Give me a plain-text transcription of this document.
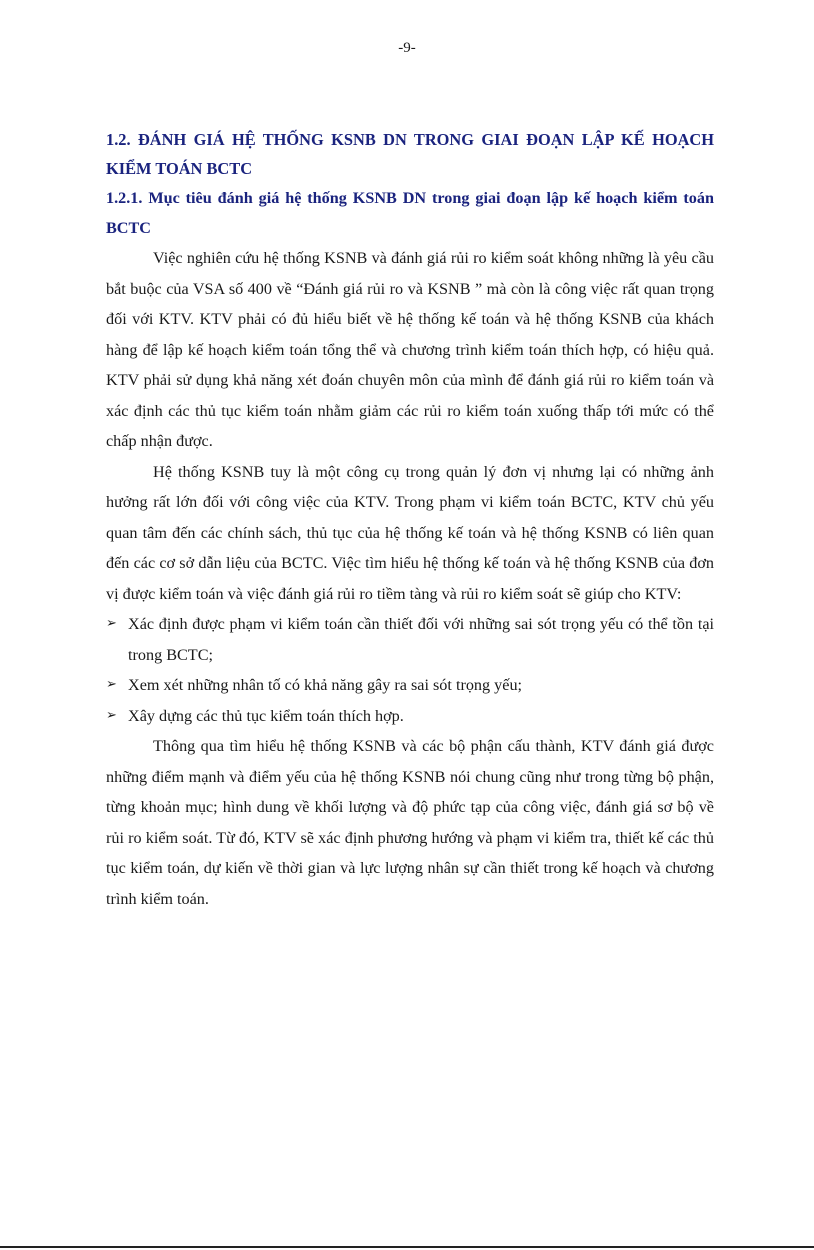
-9-

1.2. ĐÁNH GIÁ HỆ THỐNG KSNB DN TRONG GIAI ĐOẠN LẬP KẾ HOẠCH KIỂM TOÁN BCTC

1.2.1. Mục tiêu đánh giá hệ thống KSNB DN trong giai đoạn lập kế hoạch kiểm toán BCTC

Việc nghiên cứu hệ thống KSNB và đánh giá rủi ro kiểm soát không những là yêu cầu bắt buộc của VSA số 400 về “Đánh giá rủi ro và KSNB ” mà còn là công việc rất quan trọng đối với KTV. KTV phải có đủ hiểu biết về hệ thống kế toán và hệ thống KSNB của khách hàng để lập kế hoạch kiểm toán tổng thể và chương trình kiểm toán thích hợp, có hiệu quả. KTV phải sử dụng khả năng xét đoán chuyên môn của mình để đánh giá rủi ro kiểm toán và xác định các thủ tục kiểm toán nhằm giảm các rủi ro kiểm toán xuống thấp tới mức có thể chấp nhận được.

Hệ thống KSNB tuy là một công cụ trong quản lý đơn vị nhưng lại có những ảnh hưởng rất lớn đối với công việc của KTV. Trong phạm vi kiểm toán BCTC, KTV chủ yếu quan tâm đến các chính sách, thủ tục của hệ thống kế toán và hệ thống KSNB có liên quan đến các cơ sở dẫn liệu của BCTC. Việc tìm hiểu hệ thống kế toán và hệ thống KSNB của đơn vị được kiểm toán và việc đánh giá rủi ro tiềm tàng và rủi ro kiểm soát sẽ giúp cho KTV:

➢ Xác định được phạm vi kiểm toán cần thiết đối với những sai sót trọng yếu có thể tồn tại trong BCTC;
➢ Xem xét những nhân tố có khả năng gây ra sai sót trọng yếu;
➢ Xây dựng các thủ tục kiểm toán thích hợp.

Thông qua tìm hiểu hệ thống KSNB và các bộ phận cấu thành, KTV đánh giá được những điểm mạnh và điểm yếu của hệ thống KSNB nói chung cũng như trong từng bộ phận, từng khoản mục; hình dung về khối lượng và độ phức tạp của công việc, đánh giá sơ bộ về rủi ro kiểm soát. Từ đó, KTV sẽ xác định phương hướng và phạm vi kiểm tra, thiết kế các thủ tục kiểm toán, dự kiến về thời gian và lực lượng nhân sự cần thiết trong kế hoạch và chương trình kiểm toán.
